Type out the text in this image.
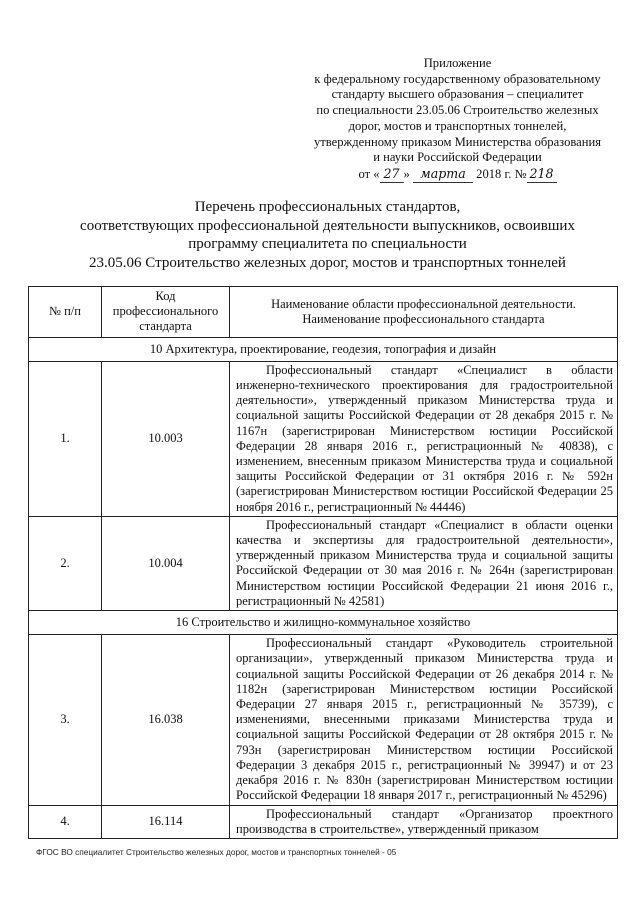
Приложение
к федеральному государственному образовательному
стандарту высшего образования – специалитет
по специальности 23.05.06 Строительство железных
дорог, мостов и транспортных тоннелей,
утвержденному приказом Министерства образования
и науки Российской Федерации
от « 27 » марта 2018 г. № 218
Перечень профессиональных стандартов,
соответствующих профессиональной деятельности выпускников, освоивших
программу специалитета по специальности
23.05.06 Строительство железных дорог, мостов и транспортных тоннелей
№ п/п	Код профессионального стандарта	Наименование области профессиональной деятельности. Наименование профессионального стандарта
10 Архитектура, проектирование, геодезия, топография и дизайн		
1.	10.003	Профессиональный стандарт «Специалист в области инженерно-технического проектирования для градостроительной деятельности», утвержденный приказом Министерства труда и социальной защиты Российской Федерации от 28 декабря 2015 г. № 1167н (зарегистрирован Министерством юстиции Российской Федерации 28 января 2016 г., регистрационный № 40838), с изменением, внесенным приказом Министерства труда и социальной защиты Российской Федерации от 31 октября 2016 г. № 592н (зарегистрирован Министерством юстиции Российской Федерации 25 ноября 2016 г., регистрационный № 44446)
2.	10.004	Профессиональный стандарт «Специалист в области оценки качества и экспертизы для градостроительной деятельности», утвержденный приказом Министерства труда и социальной защиты Российской Федерации от 30 мая 2016 г. № 264н (зарегистрирован Министерством юстиции Российской Федерации 21 июня 2016 г., регистрационный № 42581)
16 Строительство и жилищно-коммунальное хозяйство		
3.	16.038	Профессиональный стандарт «Руководитель строительной организации», утвержденный приказом Министерства труда и социальной защиты Российской Федерации от 26 декабря 2014 г. № 1182н (зарегистрирован Министерством юстиции Российской Федерации 27 января 2015 г., регистрационный № 35739), с изменениями, внесенными приказами Министерства труда и социальной защиты Российской Федерации от 28 октября 2015 г. № 793н (зарегистрирован Министерством юстиции Российской Федерации 3 декабря 2015 г., регистрационный № 39947) и от 23 декабря 2016 г. № 830н (зарегистрирован Министерством юстиции Российской Федерации 18 января 2017 г., регистрационный № 45296)
4.	16.114	Профессиональный стандарт «Организатор проектного производства в строительстве», утвержденный приказом
ФГОС ВО специалитет Строительство железных дорог, мостов и транспортных тоннелей - 05
